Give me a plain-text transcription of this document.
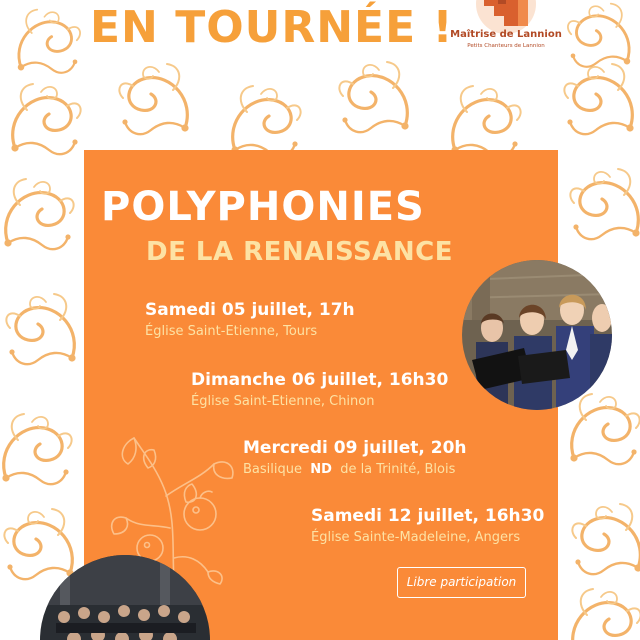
EN TOURNÉE !
Maîtrise de Lannion
Petits Chanteurs de Lannion
POLYPHONIES
DE LA RENAISSANCE
Samedi 05 juillet, 17h
Église Saint-Etienne, Tours
Dimanche 06 juillet, 16h30
Église Saint-Etienne, Chinon
Mercredi 09 juillet, 20h
Basilique ND de la Trinité, Blois
Samedi 12 juillet, 16h30
Église Sainte-Madeleine, Angers
Libre participation
